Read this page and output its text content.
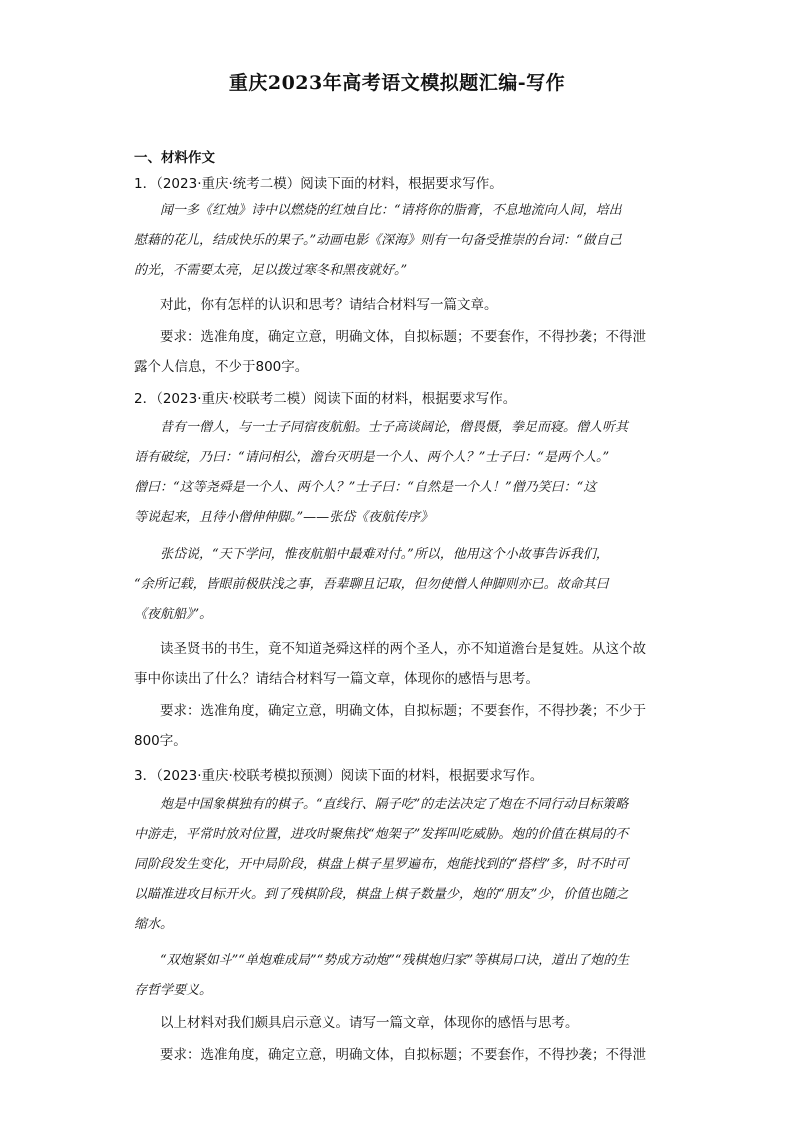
重庆2023年高考语文模拟题汇编-写作
一、材料作文
1．（2023·重庆·统考二模）阅读下面的材料，根据要求写作。
闻一多《红烛》诗中以燃烧的红烛自比：“请将你的脂膏，不息地流向人间，培出
慰藉的花儿，结成快乐的果子。”动画电影《深海》则有一句备受推崇的台词：“做自己
的光，不需要太亮，足以拨过寒冬和黑夜就好。”
对此，你有怎样的认识和思考？请结合材料写一篇文章。
要求：选准角度，确定立意，明确文体，自拟标题；不要套作，不得抄袭；不得泄
露个人信息，不少于800字。
2．（2023·重庆·校联考二模）阅读下面的材料，根据要求写作。
昔有一僧人，与一士子同宿夜航船。士子高谈阔论，僧畏慑，拳足而寝。僧人听其
语有破绽，乃曰：“请问相公，澹台灭明是一个人、两个人？”士子曰：“是两个人。”
僧曰：“这等尧舜是一个人、两个人？”士子曰：“自然是一个人！”僧乃笑曰：“这
等说起来，且待小僧伸伸脚。”——张岱《夜航传序》
张岱说，“天下学问，惟夜航船中最难对付。”所以，他用这个小故事告诉我们，
“余所记载，皆眼前极肤浅之事，吾辈聊且记取，但勿使僧人伸脚则亦已。故命其曰
《夜航船》”。
读圣贤书的书生，竟不知道尧舜这样的两个圣人，亦不知道澹台是复姓。从这个故
事中你读出了什么？请结合材料写一篇文章，体现你的感悟与思考。
要求：选准角度，确定立意，明确文体，自拟标题；不要套作，不得抄袭；不少于
800字。
3．（2023·重庆·校联考模拟预测）阅读下面的材料，根据要求写作。
炮是中国象棋独有的棋子。“直线行、隔子吃”的走法决定了炮在不同行动目标策略
中游走，平常时放对位置，进攻时聚焦找“炮架子”发挥叫吃威胁。炮的价值在棋局的不
同阶段发生变化，开中局阶段，棋盘上棋子星罗遍布，炮能找到的“搭档”多，时不时可
以瞄准进攻目标开火。到了残棋阶段，棋盘上棋子数量少，炮的“朋友”少，价值也随之
缩水。
“双炮紧如斗”“单炮难成局”“势成方动炮”“残棋炮归家”等棋局口诀，道出了炮的生
存哲学要义。
以上材料对我们颇具启示意义。请写一篇文章，体现你的感悟与思考。
要求：选准角度，确定立意，明确文体，自拟标题；不要套作，不得抄袭；不得泄
